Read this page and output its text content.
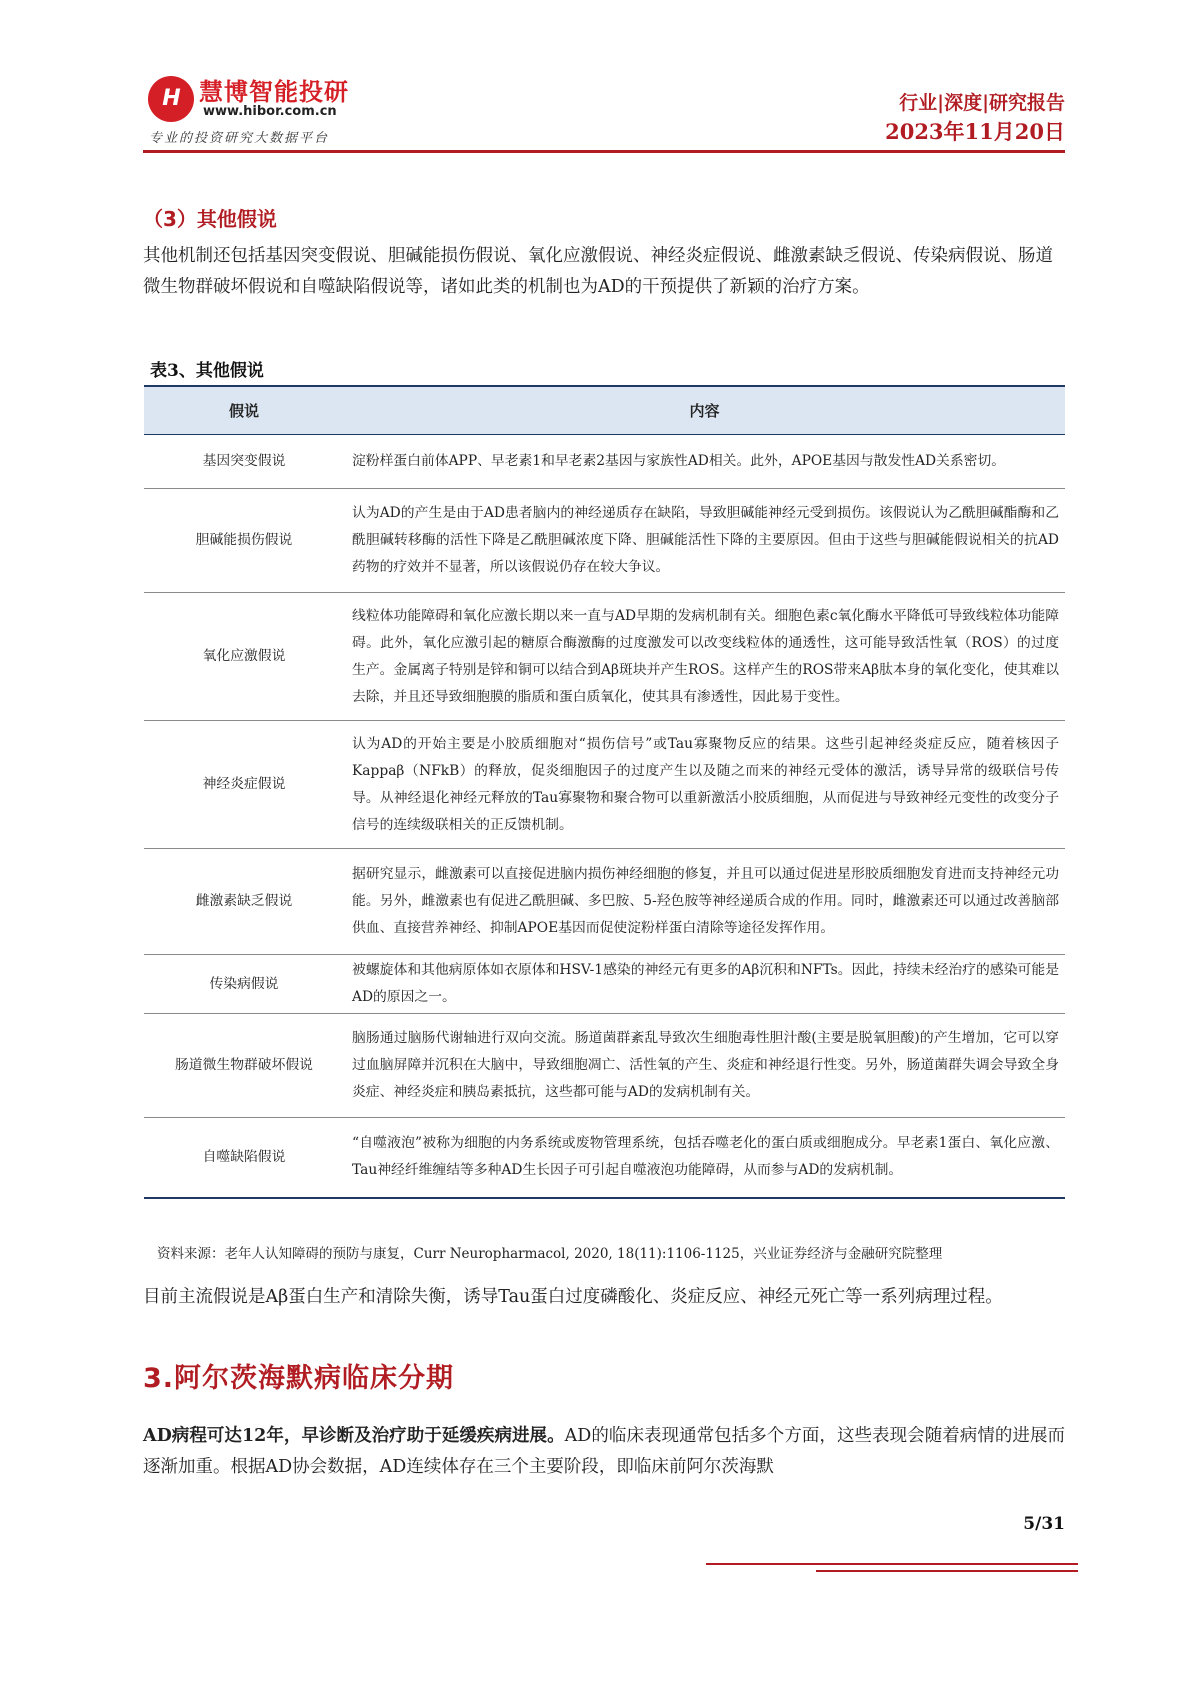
H 慧博智能投研
www.hibor.com.cn
专业的投资研究大数据平台
行业|深度|研究报告
2023年11月20日
（3）其他假说
其他机制还包括基因突变假说、胆碱能损伤假说、氧化应激假说、神经炎症假说、雌激素缺乏假说、传染病假说、肠道微生物群破坏假说和自噬缺陷假说等，诸如此类的机制也为AD的干预提供了新颖的治疗方案。
表3、其他假说
假说	内容
基因突变假说	淀粉样蛋白前体APP、早老素1和早老素2基因与家族性AD相关。此外，APOE基因与散发性AD关系密切。
胆碱能损伤假说	认为AD的产生是由于AD患者脑内的神经递质存在缺陷，导致胆碱能神经元受到损伤。该假说认为乙酰胆碱酯酶和乙酰胆碱转移酶的活性下降是乙酰胆碱浓度下降、胆碱能活性下降的主要原因。但由于这些与胆碱能假说相关的抗AD药物的疗效并不显著，所以该假说仍存在较大争议。
氧化应激假说	线粒体功能障碍和氧化应激长期以来一直与AD早期的发病机制有关。细胞色素c氧化酶水平降低可导致线粒体功能障碍。此外，氧化应激引起的糖原合酶激酶的过度激发可以改变线粒体的通透性，这可能导致活性氧（ROS）的过度生产。金属离子特别是锌和铜可以结合到Aβ斑块并产生ROS。这样产生的ROS带来Aβ肽本身的氧化变化，使其难以去除，并且还导致细胞膜的脂质和蛋白质氧化，使其具有渗透性，因此易于变性。
神经炎症假说	认为AD的开始主要是小胶质细胞对“损伤信号”或Tau寡聚物反应的结果。这些引起神经炎症反应，随着核因子Kappaβ（NFkB）的释放，促炎细胞因子的过度产生以及随之而来的神经元受体的激活，诱导异常的级联信号传导。从神经退化神经元释放的Tau寡聚物和聚合物可以重新激活小胶质细胞，从而促进与导致神经元变性的改变分子信号的连续级联相关的正反馈机制。
雌激素缺乏假说	据研究显示，雌激素可以直接促进脑内损伤神经细胞的修复，并且可以通过促进星形胶质细胞发育进而支持神经元功能。另外，雌激素也有促进乙酰胆碱、多巴胺、5-羟色胺等神经递质合成的作用。同时，雌激素还可以通过改善脑部供血、直接营养神经、抑制APOE基因而促使淀粉样蛋白清除等途径发挥作用。
传染病假说	被螺旋体和其他病原体如衣原体和HSV-1感染的神经元有更多的Aβ沉积和NFTs。因此，持续未经治疗的感染可能是AD的原因之一。
肠道微生物群破坏假说	脑肠通过脑肠代谢轴进行双向交流。肠道菌群紊乱导致次生细胞毒性胆汁酸(主要是脱氧胆酸)的产生增加，它可以穿过血脑屏障并沉积在大脑中，导致细胞凋亡、活性氧的产生、炎症和神经退行性变。另外，肠道菌群失调会导致全身炎症、神经炎症和胰岛素抵抗，这些都可能与AD的发病机制有关。
自噬缺陷假说	“自噬液泡”被称为细胞的内务系统或废物管理系统，包括吞噬老化的蛋白质或细胞成分。早老素1蛋白、氧化应激、Tau神经纤维缠结等多种AD生长因子可引起自噬液泡功能障碍，从而参与AD的发病机制。
资料来源：老年人认知障碍的预防与康复，Curr Neuropharmacol, 2020, 18(11):1106-1125，兴业证券经济与金融研究院整理
目前主流假说是Aβ蛋白生产和清除失衡，诱导Tau蛋白过度磷酸化、炎症反应、神经元死亡等一系列病理过程。
3.阿尔茨海默病临床分期
AD病程可达12年，早诊断及治疗助于延缓疾病进展。AD的临床表现通常包括多个方面，这些表现会随着病情的进展而逐渐加重。根据AD协会数据，AD连续体存在三个主要阶段，即临床前阿尔茨海默
5/31
